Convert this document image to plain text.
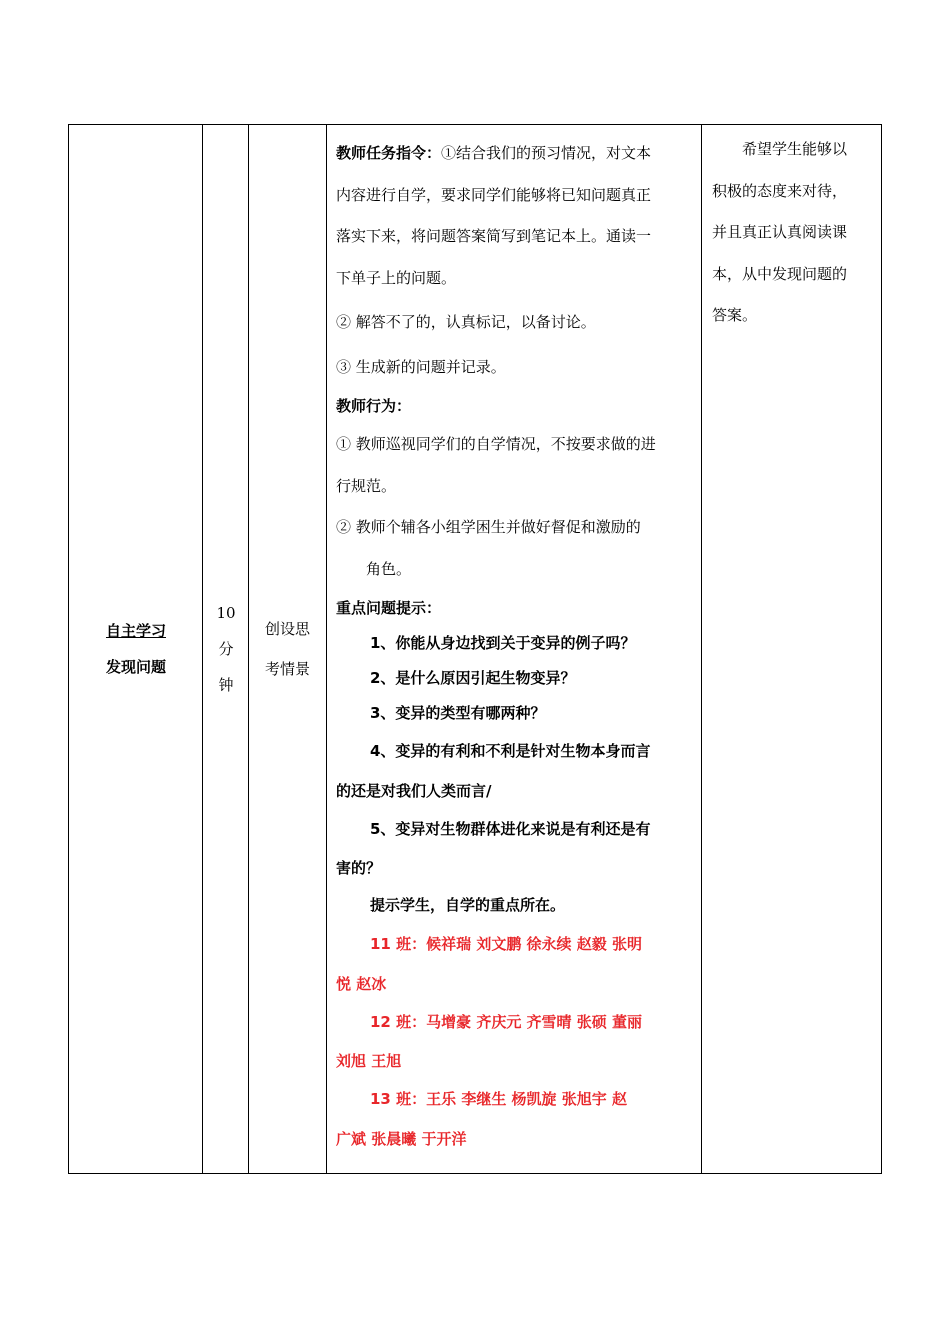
自主学习
发现问题
10
分
钟
创设思
考情景

教师任务指令：①结合我们的预习情况，对文本

内容进行自学，要求同学们能够将已知问题真正

落实下来，将问题答案简写到笔记本上。通读一

下单子上的问题。

② 解答不了的，认真标记，以备讨论。

③ 生成新的问题并记录。

教师行为：

① 教师巡视同学们的自学情况，不按要求做的进

行规范。

② 教师个辅各小组学困生并做好督促和激励的

角色。

重点问题提示：

1、你能从身边找到关于变异的例子吗？

2、是什么原因引起生物变异？

3、变异的类型有哪两种？

4、变异的有利和不利是针对生物本身而言

的还是对我们人类而言/

5、变异对生物群体进化来说是有利还是有

害的？

提示学生，自学的重点所在。

11 班：候祥瑞 刘文鹏 徐永续 赵毅 张明

悦 赵冰

12 班：马增豪 齐庆元 齐雪晴 张硕 董丽

刘旭 王旭

13 班：王乐 李继生 杨凯旋 张旭宇 赵

广斌 张晨曦 于开洋

希望学生能够以
积极的态度来对待，
并且真正认真阅读课
本，从中发现问题的
答案。
